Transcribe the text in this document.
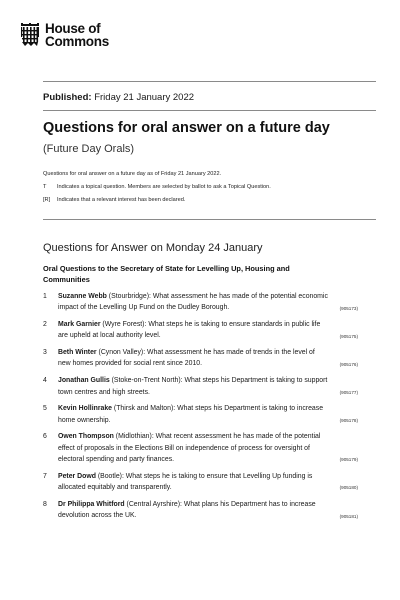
House of
Commons
Published: Friday 21 January 2022
Questions for oral answer on a future day
(Future Day Orals)
Questions for oral answer on a future day as of Friday 21 January 2022.
T Indicates a topical question. Members are selected by ballot to ask a Topical Question.
[R] Indicates that a relevant interest has been declared.
Questions for Answer on Monday 24 January
Oral Questions to the Secretary of State for Levelling Up, Housing and Communities
1 Suzanne Webb (Stourbridge): What assessment he has made of the potential economic impact of the Levelling Up Fund on the Dudley Borough.	(905173)
2 Mark Garnier (Wyre Forest): What steps he is taking to ensure standards in public life are upheld at local authority level.	(905175)
3 Beth Winter (Cynon Valley): What assessment he has made of trends in the level of new homes provided for social rent since 2010.	(905176)
4 Jonathan Gullis (Stoke-on-Trent North): What steps his Department is taking to support town centres and high streets.	(905177)
5 Kevin Hollinrake (Thirsk and Malton): What steps his Department is taking to increase home ownership.	(905178)
6 Owen Thompson (Midlothian): What recent assessment he has made of the potential effect of proposals in the Elections Bill on independence of process for oversight of electoral spending and party finances.	(905179)
7 Peter Dowd (Bootle): What steps he is taking to ensure that Levelling Up funding is allocated equitably and transparently.	(905180)
8 Dr Philippa Whitford (Central Ayrshire): What plans his Department has to increase devolution across the UK.	(905181)
